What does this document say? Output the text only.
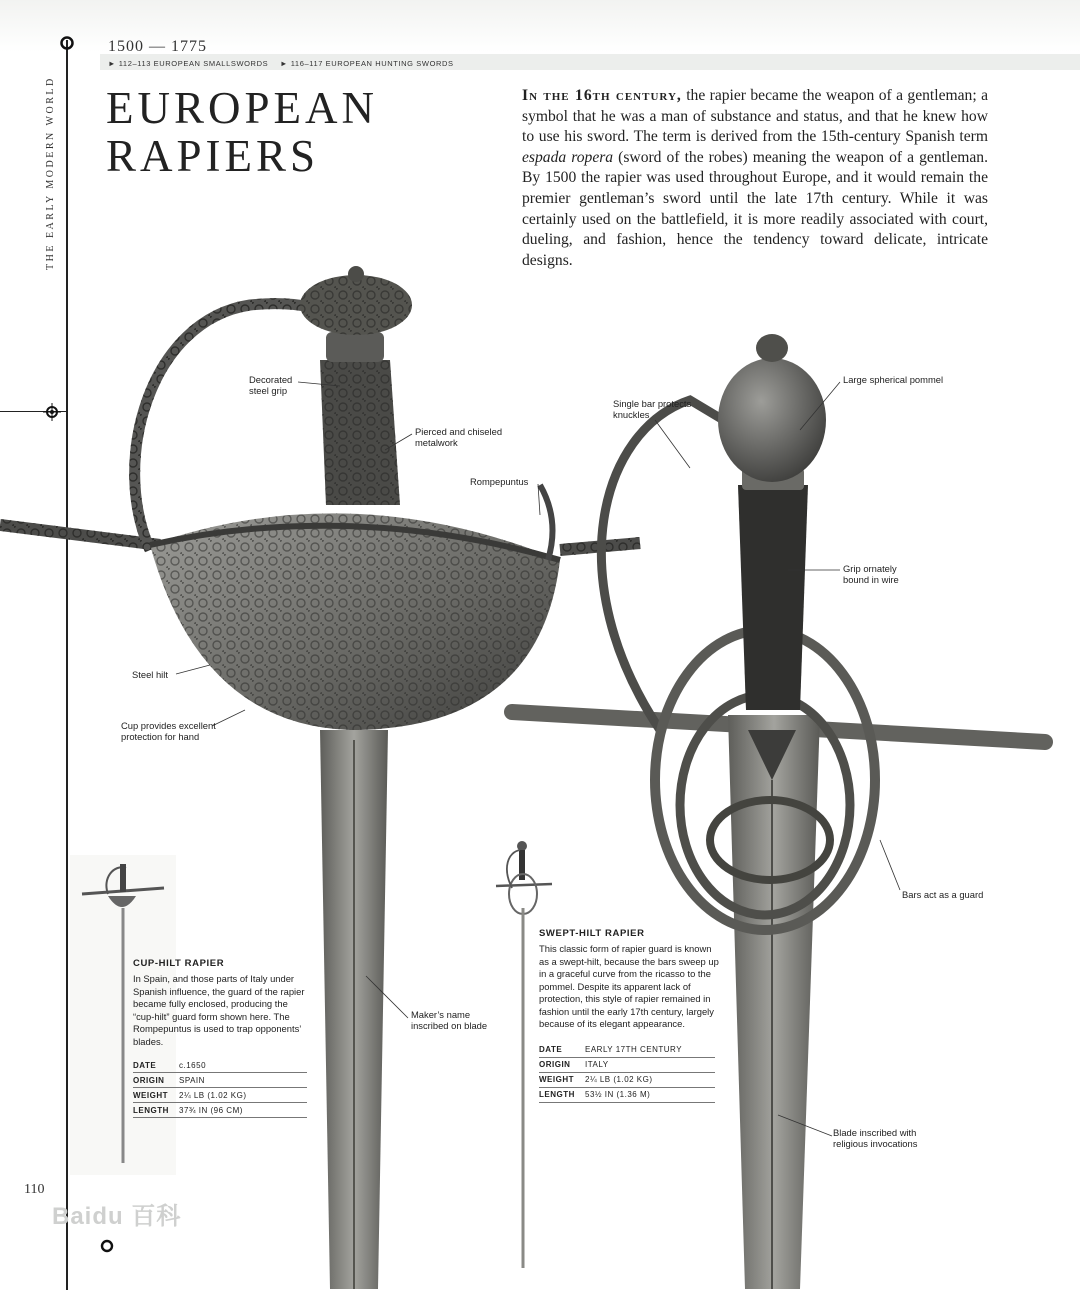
1500 — 1775
► 112–113 EUROPEAN SMALLSWORDS ► 116–117 EUROPEAN HUNTING SWORDS
THE EARLY MODERN WORLD EUROPEAN
RAPIERS
In the 16th century, the rapier became the weapon of a gentleman; a symbol that he was a man of substance and status, and that he knew how to use his sword. The term is derived from the 15th-century Spanish term espada ropera (sword of the robes) meaning the weapon of a gentleman. By 1500 the rapier was used throughout Europe, and it would remain the premier gentleman’s sword until the late 17th century. While it was certainly used on the battlefield, it is more readily associated with court, dueling, and fashion, hence the tendency toward delicate, intricate designs.
Decorated
steel grip
Pierced and chiseled
metalwork
Rompepuntus
Steel hilt
Cup provides excellent
protection for hand
Maker’s name
inscribed on blade
Large spherical pommel
Single bar protects
knuckles
Grip ornately
bound in wire
Bars act as a guard
Blade inscribed with
religious invocations
CUP-HILT RAPIER
In Spain, and those parts of Italy under Spanish influence, the guard of the rapier became fully enclosed, producing the “cup-hilt” guard form shown here. The Rompepuntus is used to trap opponents’ blades.
DATE	c.1650
ORIGIN	SPAIN
WEIGHT	2¼ LB (1.02 KG)
LENGTH	37¾ IN (96 CM)
SWEPT-HILT RAPIER
This classic form of rapier guard is known as a swept-hilt, because the bars sweep up in a graceful curve from the ricasso to the pommel. Despite its apparent lack of protection, this style of rapier remained in fashion until the early 17th century, largely because of its elegant appearance.
DATE	EARLY 17TH CENTURY
ORIGIN	ITALY
WEIGHT	2¼ LB (1.02 KG)
LENGTH	53½ IN (1.36 M)
110
Baidu 百科
